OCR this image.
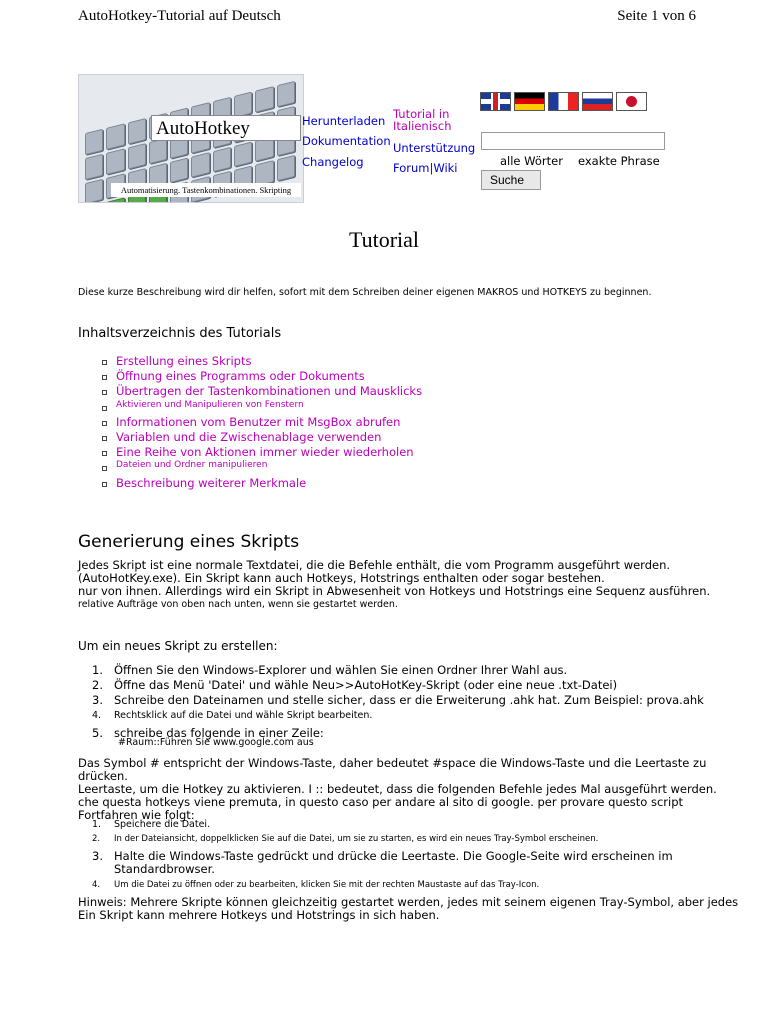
AutoHotkey-Tutorial auf Deutsch	Seite 1 von 6
AutoHotkey
Automatisierung. Tastenkombinationen. Skripting
Herunterladen
Dokumentation
Changelog
Tutorial in Italienisch
Unterstützung
Forum|Wiki	alle Wörter exakte Phrase
Suche
Tutorial
Diese kurze Beschreibung wird dir helfen, sofort mit dem Schreiben deiner eigenen MAKROS und HOTKEYS zu beginnen.
Inhaltsverzeichnis des Tutorials
Erstellung eines Skripts
Öffnung eines Programms oder Dokuments
Übertragen der Tastenkombinationen und Mausklicks
Aktivieren und Manipulieren von Fenstern
Informationen vom Benutzer mit MsgBox abrufen
Variablen und die Zwischenablage verwenden
Eine Reihe von Aktionen immer wieder wiederholen
Dateien und Ordner manipulieren
Beschreibung weiterer Merkmale
Generierung eines Skripts
Jedes Skript ist eine normale Textdatei, die die Befehle enthält, die vom Programm ausgeführt werden.
(AutoHotKey.exe). Ein Skript kann auch Hotkeys, Hotstrings enthalten oder sogar bestehen.
nur von ihnen. Allerdings wird ein Skript in Abwesenheit von Hotkeys und Hotstrings eine Sequenz ausführen.
relative Aufträge von oben nach unten, wenn sie gestartet werden.
Um ein neues Skript zu erstellen:
1. Öffnen Sie den Windows-Explorer und wählen Sie einen Ordner Ihrer Wahl aus.
2. Öffne das Menü 'Datei' und wähle Neu>>AutoHotKey-Skript (oder eine neue .txt-Datei)
3. Schreibe den Dateinamen und stelle sicher, dass er die Erweiterung .ahk hat. Zum Beispiel: prova.ahk
4. Rechtsklick auf die Datei und wähle Skript bearbeiten.
5. schreibe das folgende in einer Zeile:
#Raum::Führen Sie www.google.com aus
Das Symbol # entspricht der Windows-Taste, daher bedeutet #space die Windows-Taste und die Leertaste zu drücken.
Leertaste, um die Hotkey zu aktivieren. I :: bedeutet, dass die folgenden Befehle jedes Mal ausgeführt werden.
che questa hotkeys viene premuta, in questo caso per andare al sito di google. per provare questo script
Fortfahren wie folgt:
1. Speichere die Datei.
2. In der Dateiansicht, doppelklicken Sie auf die Datei, um sie zu starten, es wird ein neues Tray-Symbol erscheinen.
3. Halte die Windows-Taste gedrückt und drücke die Leertaste. Die Google-Seite wird erscheinen im
Standardbrowser.
4. Um die Datei zu öffnen oder zu bearbeiten, klicken Sie mit der rechten Maustaste auf das Tray-Icon.
Hinweis: Mehrere Skripte können gleichzeitig gestartet werden, jedes mit seinem eigenen Tray-Symbol, aber jedes
Ein Skript kann mehrere Hotkeys und Hotstrings in sich haben.
